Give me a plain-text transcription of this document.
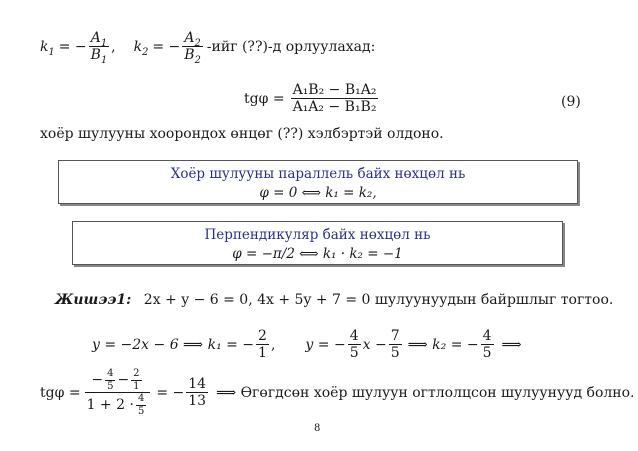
$k_1$ = − $\frac{A_1}{B_1}$ , $k_2$ = − $\frac{A_2}{B_2} -ийг$ (??)-д орлуулахад:
$tg\varphi = \frac{\text{A₁B₂ − B₁A₂}}{\text{A₁A₂ − B₁B₂}}$	(9)
хоёр шулууны хоорондох өнцөг (??) хэлбэртэй олдоно.
Хоёр шулууны параллель байх нөхцөл нь
φ = 0 ⟺ k₁ = k₂,
Перпендикуляр байх нөхцөл нь
φ = −π/2 ⟺ k₁ · k₂ = −1
Жишээ1: 2x + y − 6 = 0, 4x + 5y + 7 = 0 шулуунуудын байршлыг тогтоо.
y = −2x − 6 ⟹ k₁ = − $\frac{2}{1}$ , y = − $\frac{4}{5}$ $x - \frac{7}{5}$ ⟹ k₂ = − $\frac{4}{5}$ ⟹
tgφ =
− $\frac{4}{5} - \frac{2}{1}$
$1 + 2 \cdot \frac{4}{5}$
= − $\frac{14}{13}$ ⟹ Өгөгдсөн хоёр шулуун огтлолцсон шулуунууд болно.
8
